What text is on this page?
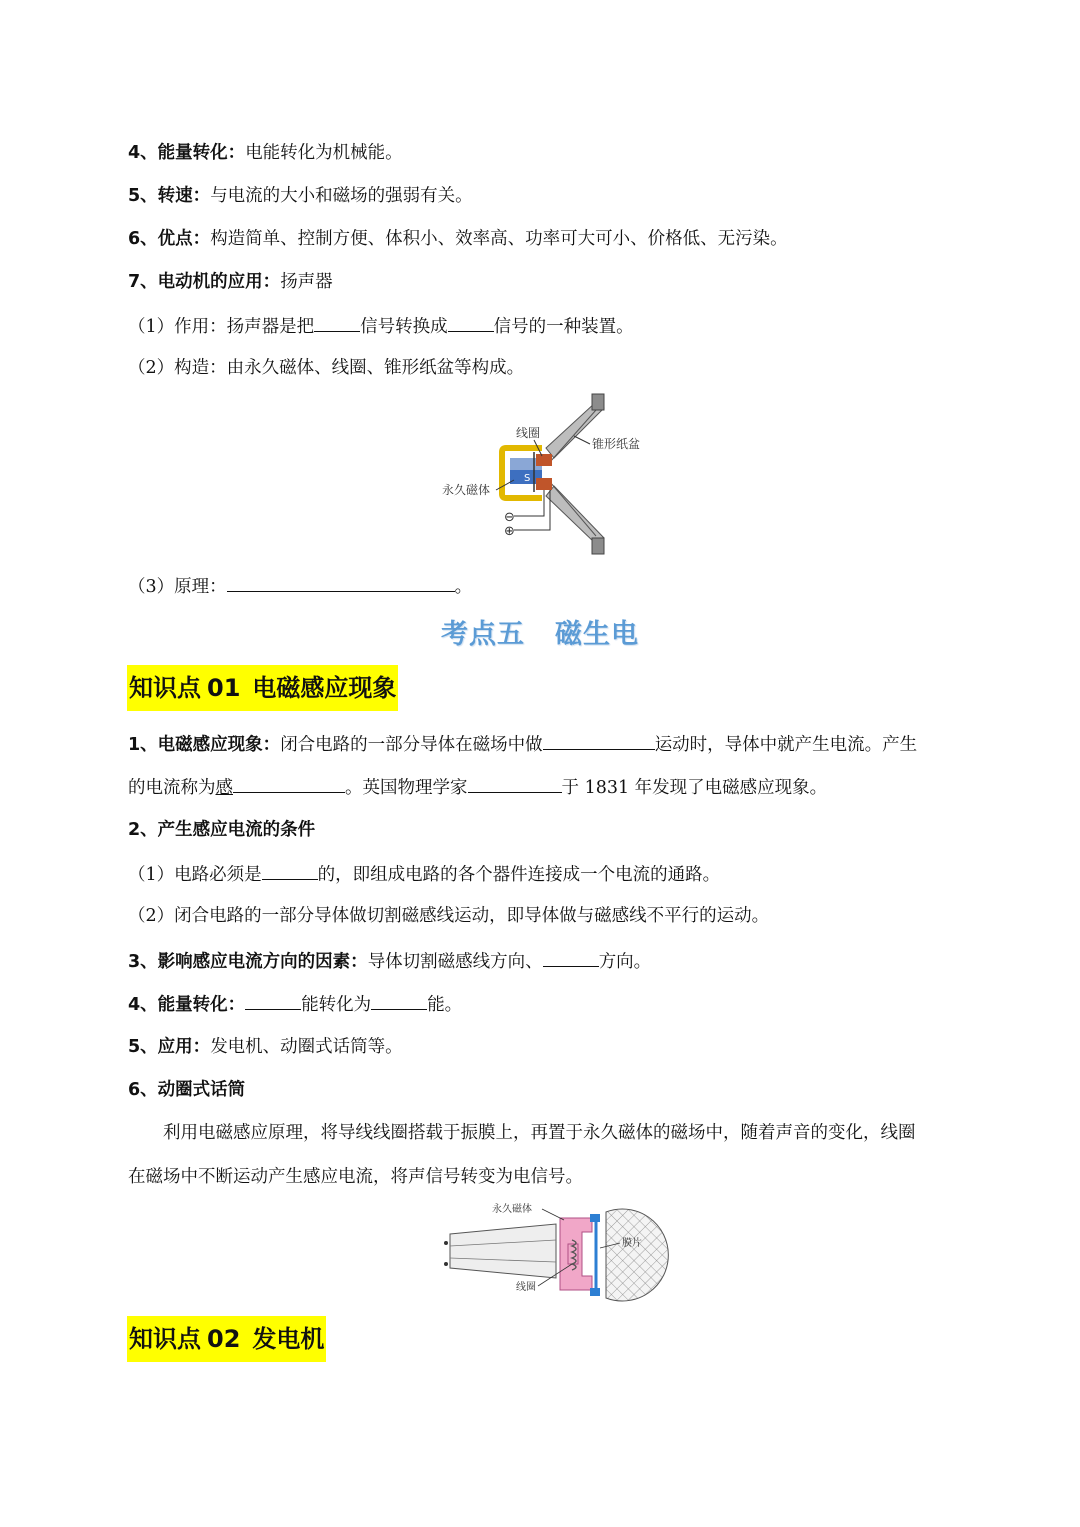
4、能量转化：电能转化为机械能。
5、转速：与电流的大小和磁场的强弱有关。
6、优点：构造简单、控制方便、体积小、效率高、功率可大可小、价格低、无污染。
7、电动机的应用：扬声器
（1）作用：扬声器是把	信号转换成	信号的一种装置。
（2）构造：由永久磁体、线圈、锥形纸盆等构成。
S
线圈
锥形纸盆
永久磁体
⊖
⊕
（3）原理：	。
考点五 磁生电
知识点 01 电磁感应现象
1、电磁感应现象：闭合电路的一部分导体在磁场中做	运动时，导体中就产生电流。产生
的电流称为感	。英国物理学家	于 1831 年发现了电磁感应现象。
2、产生感应电流的条件
（1）电路必须是	的，即组成电路的各个器件连接成一个电流的通路。
（2）闭合电路的一部分导体做切割磁感线运动，即导体做与磁感线不平行的运动。
3、影响感应电流方向的因素：导体切割磁感线方向、	方向。
4、能量转化：	能转化为	能。
5、应用：发电机、动圈式话筒等。
6、动圈式话筒
利用电磁感应原理，将导线线圈搭载于振膜上，再置于永久磁体的磁场中，随着声音的变化，线圈
在磁场中不断运动产生感应电流，将声信号转变为电信号。
永久磁体
膜片
线圈
知识点 02 发电机
